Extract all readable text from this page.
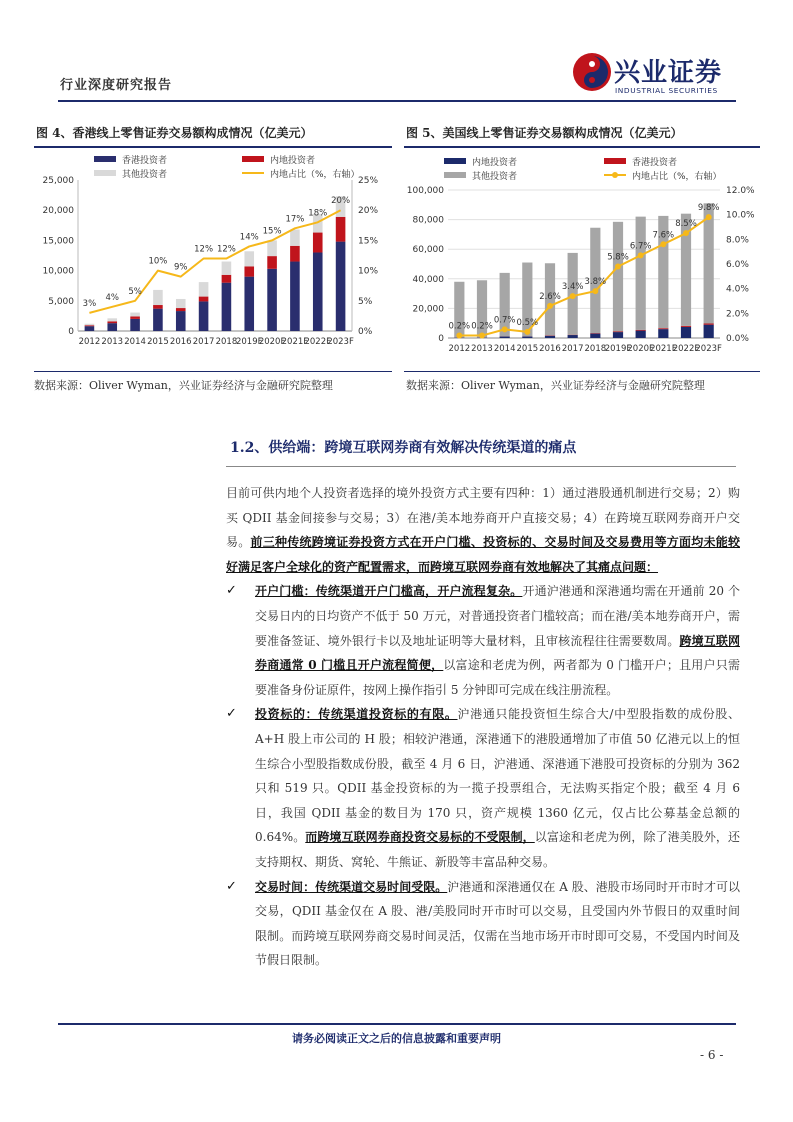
行业深度研究报告	兴业证券
INDUSTRIAL SECURITIES
图 4、香港线上零售证券交易额构成情况（亿美元）
香港投资者	内地投资者
其他投资者	内地占比（%，右轴）
0
5,000
10,000
15,000
20,000
25,000
0%
5%
10%
15%
20%
25%
2012 2013 2014 2015 2016 2017 2018
2019F
2020F
2021F
2022F
2023F
3%
4%
5%
10%
9%
12% 12%
14%
15%
17%
18%
20%
数据来源：Oliver Wyman，兴业证券经济与金融研究院整理
图 5、美国线上零售证券交易额构成情况（亿美元）
内地投资者	香港投资者
其他投资者	内地占比（%，右轴）
0
20,000
40,000
60,000
80,000
100,000
0.0%
2.0%
4.0%
6.0%
8.0%
10.0%
12.0%
2012 2013 2014 2015 2016 2017 2018
2019F
2020F
2021F
2022F
2023F
0.2% 0.2%
0.7% 0.5%
2.6%
3.4% 3.8%
5.8%
6.7%
7.6%
8.5%
9.8%
数据来源：Oliver Wyman，兴业证券经济与金融研究院整理
1.2、供给端：跨境互联网券商有效解决传统渠道的痛点

目前可供内地个人投资者选择的境外投资方式主要有四种：1）通过港股通机制进行交易；2）购买 QDII 基金间接参与交易；3）在港/美本地券商开户直接交易；4）在跨境互联网券商开户交易。前三种传统跨境证券投资方式在开户门槛、投资标的、交易时间及交易费用等方面均未能较好满足客户全球化的资产配置需求，而跨境互联网券商有效地解决了其痛点问题：

✓ 开户门槛：传统渠道开户门槛高，开户流程复杂。开通沪港通和深港通均需在开通前 20 个交易日内的日均资产不低于 50 万元，对普通投资者门槛较高；而在港/美本地券商开户，需要准备签证、境外银行卡以及地址证明等大量材料，且审核流程往往需要数周。跨境互联网券商通常 0 门槛且开户流程简便，以富途和老虎为例，两者都为 0 门槛开户；且用户只需要准备身份证原件，按网上操作指引 5 分钟即可完成在线注册流程。
✓ 投资标的：传统渠道投资标的有限。沪港通只能投资恒生综合大/中型股指数的成份股、A+H 股上市公司的 H 股；相较沪港通，深港通下的港股通增加了市值 50 亿港元以上的恒生综合小型股指数成份股，截至 4 月 6 日，沪港通、深港通下港股可投资标的分别为 362 只和 519 只。QDII 基金投资标的为一揽子投票组合，无法购买指定个股；截至 4 月 6 日，我国 QDII 基金的数目为 170 只，资产规模 1360 亿元，仅占比公募基金总额的 0.64%。而跨境互联网券商投资交易标的不受限制，以富途和老虎为例，除了港美股外，还支持期权、期货、窝轮、牛熊证、新股等丰富品种交易。
✓ 交易时间：传统渠道交易时间受限。沪港通和深港通仅在 A 股、港股市场同时开市时才可以交易，QDII 基金仅在 A 股、港/美股同时开市时可以交易，且受国内外节假日的双重时间限制。而跨境互联网券商交易时间灵活，仅需在当地市场开市时即可交易，不受国内时间及节假日限制。
请务必阅读正文之后的信息披露和重要声明
- 6 -
